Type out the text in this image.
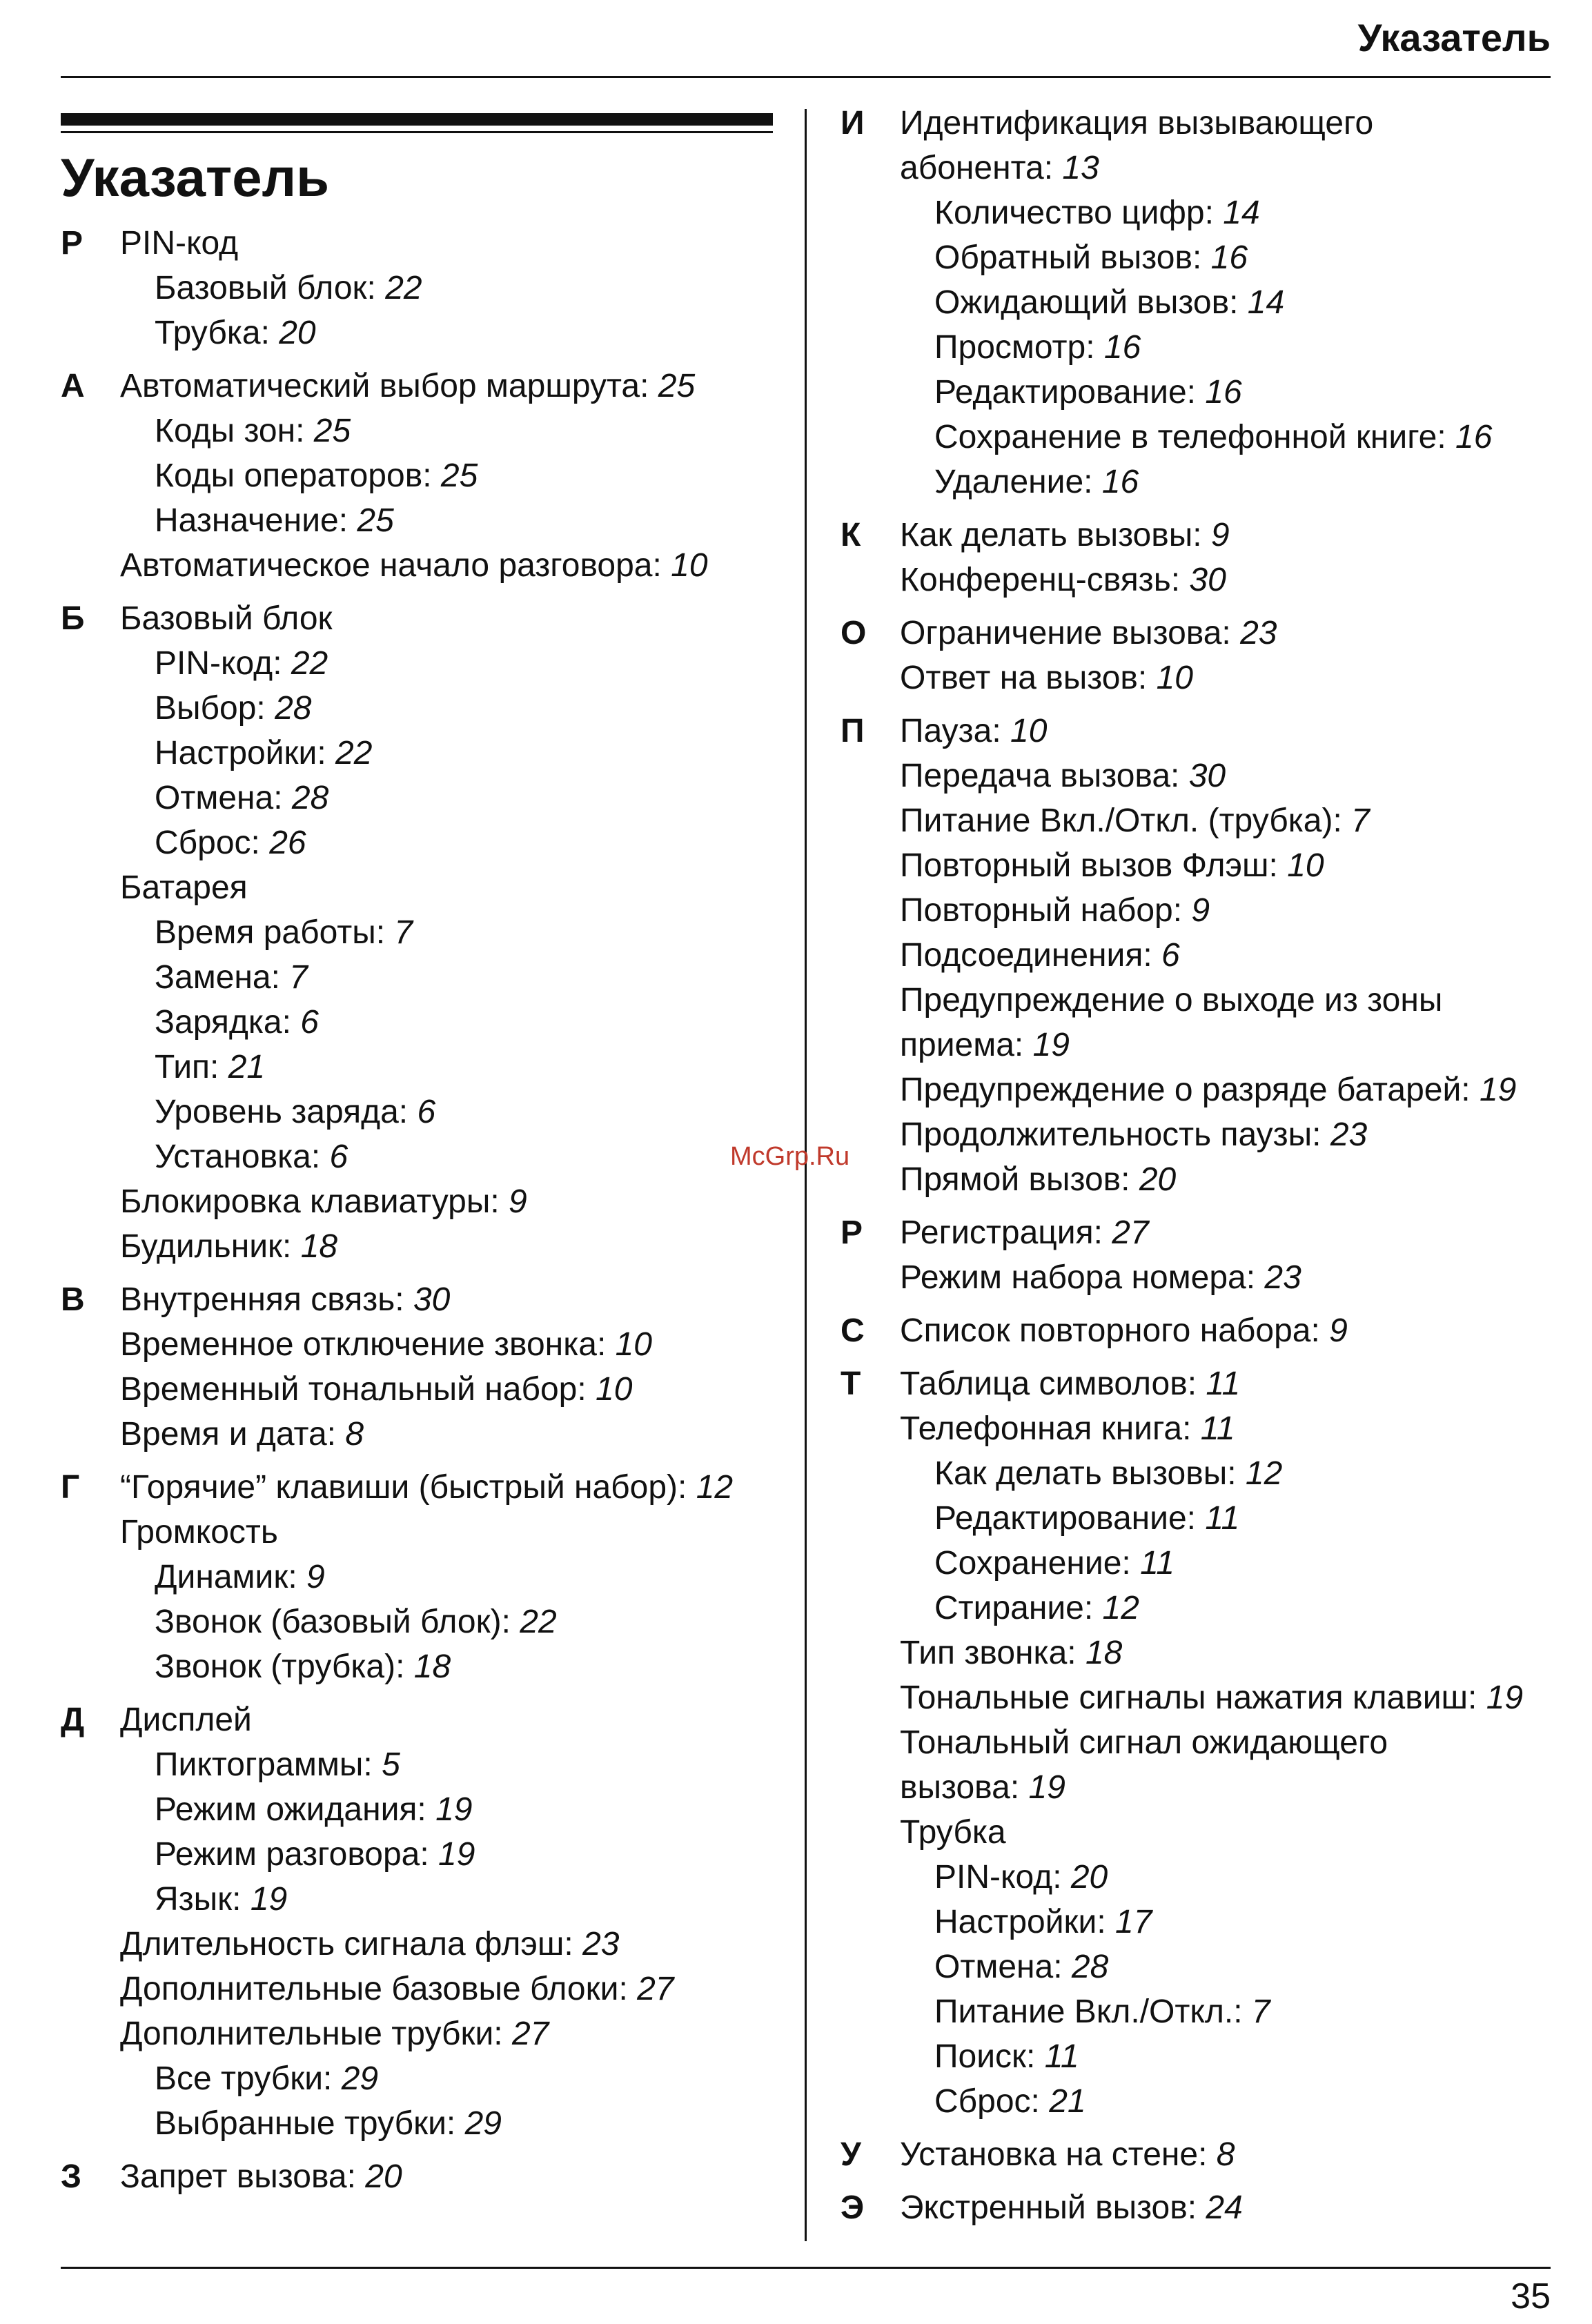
Указатель
Указатель
P PIN-код
Базовый блок: 22
Трубка: 20
А Автоматический выбор маршрута: 25
Коды зон: 25
Коды операторов: 25
Назначение: 25
Автоматическое начало разговора: 10
Б Базовый блок
PIN-код: 22
Выбор: 28
Настройки: 22
Отмена: 28
Сброс: 26
Батарея
Время работы: 7
Замена: 7
Зарядка: 6
Тип: 21
Уровень заряда: 6
Установка: 6
Блокировка клавиатуры: 9
Будильник: 18
В Внутренняя связь: 30
Временное отключение звонка: 10
Временный тональный набор: 10
Время и дата: 8
Г “Горячие” клавиши (быстрый набор): 12
Громкость
Динамик: 9
Звонок (базовый блок): 22
Звонок (трубка): 18
Д Дисплей
Пиктограммы: 5
Режим ожидания: 19
Режим разговора: 19
Язык: 19
Длительность сигнала флэш: 23
Дополнительные базовые блоки: 27
Дополнительные трубки: 27
Все трубки: 29
Выбранные трубки: 29
З Запрет вызова: 20
И Идентификация вызывающего
абонента: 13
Количество цифр: 14
Обратный вызов: 16
Ожидающий вызов: 14
Просмотр: 16
Редактирование: 16
Сохранение в телефонной книге: 16
Удаление: 16
К Как делать вызовы: 9
Конференц-связь: 30
О Ограничение вызова: 23
Ответ на вызов: 10
П Пауза: 10
Передача вызова: 30
Питание Вкл./Откл. (трубка): 7
Повторный вызов Флэш: 10
Повторный набор: 9
Подсоединения: 6
Предупреждение о выходе из зоны
приема: 19
Предупреждение о разряде батарей: 19
Продолжительность паузы: 23
Прямой вызов: 20
Р Регистрация: 27
Режим набора номера: 23
С Список повторного набора: 9
Т Таблица символов: 11
Телефонная книга: 11
Как делать вызовы: 12
Редактирование: 11
Сохранение: 11
Стирание: 12
Тип звонка: 18
Тональные сигналы нажатия клавиш: 19
Тональный сигнал ожидающего
вызова: 19
Трубка
PIN-код: 20
Настройки: 17
Отмена: 28
Питание Вкл./Откл.: 7
Поиск: 11
Сброс: 21
У Установка на стене: 8
Э Экстренный вызов: 24
McGrp.Ru
35
